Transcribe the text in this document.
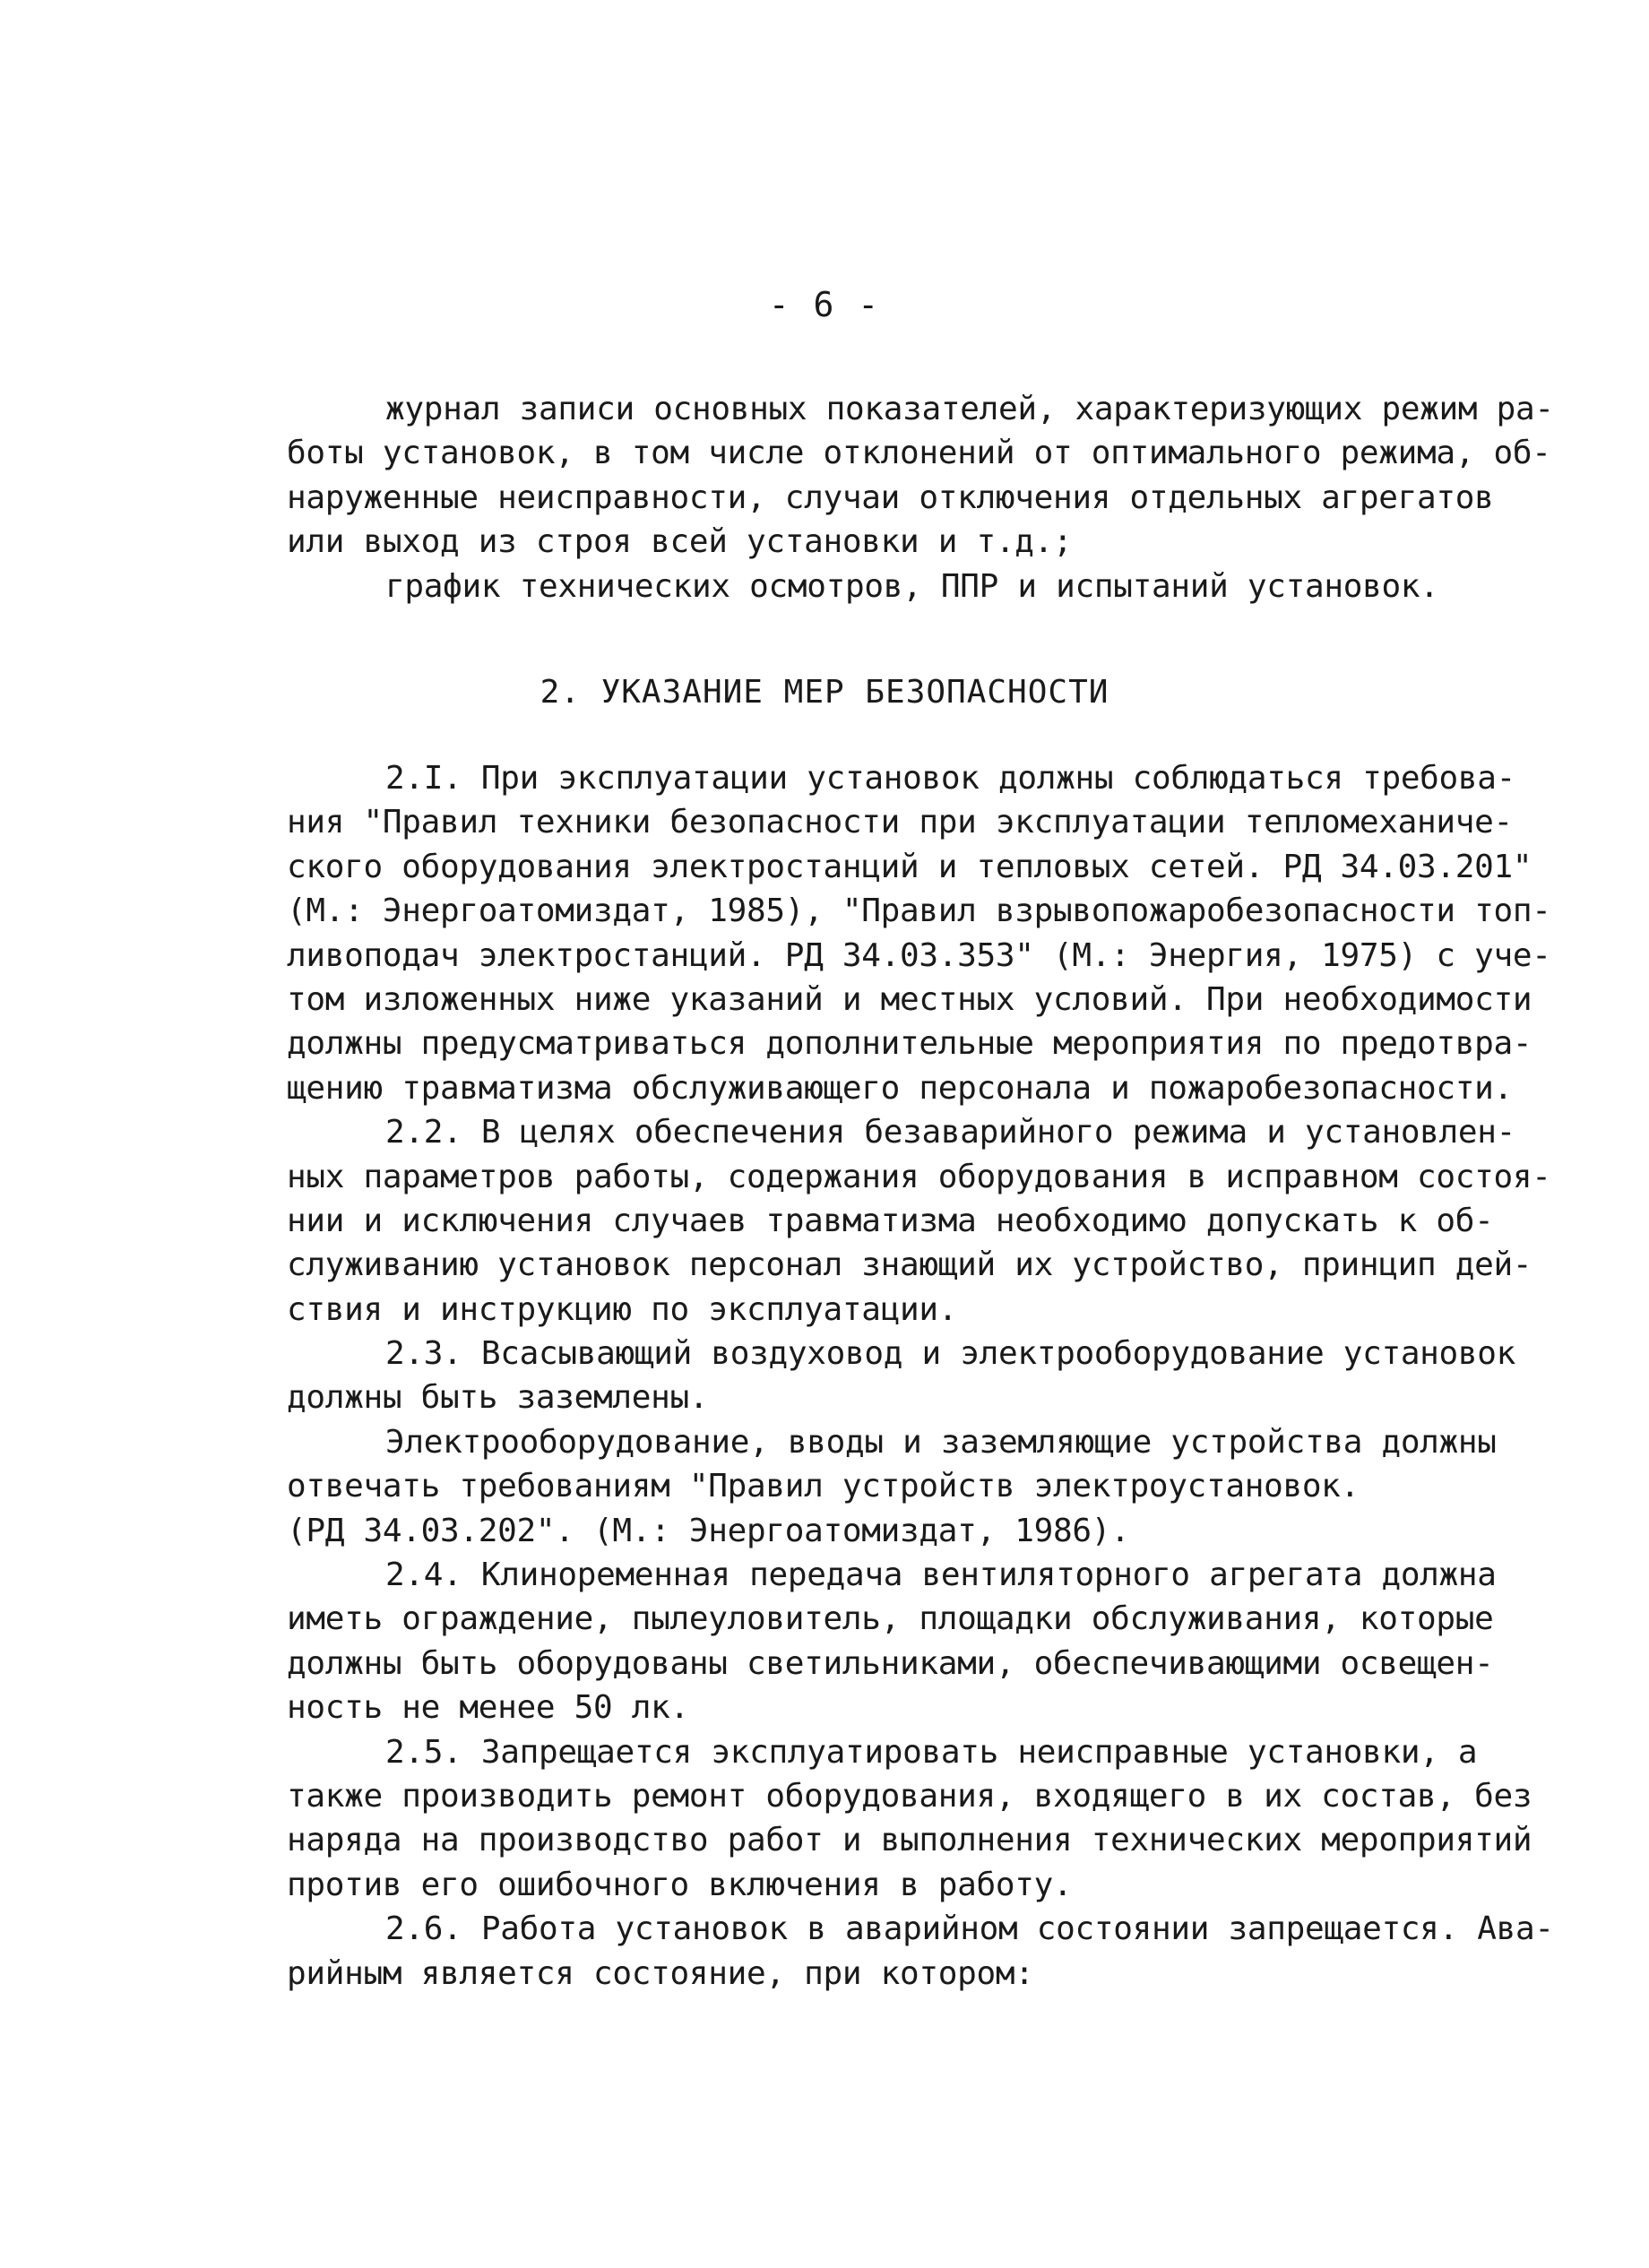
- 6 -
журнал записи основных показателей, характеризующих режим ра-
боты установок, в том числе отклонений от оптимального режима, об-
наруженные неисправности, случаи отключения отдельных агрегатов
или выход из строя всей установки и т.д.;
график технических осмотров, ППР и испытаний установок.
2. УКАЗАНИЕ МЕР БЕЗОПАСНОСТИ
2.I. При эксплуатации установок должны соблюдаться требова-
ния "Правил техники безопасности при эксплуатации тепломеханиче-
ского оборудования электростанций и тепловых сетей. РД 34.03.201"
(М.: Энергоатомиздат, 1985), "Правил взрывопожаробезопасности топ-
ливоподач электростанций. РД 34.03.353" (М.: Энергия, 1975) с уче-
том изложенных ниже указаний и местных условий. При необходимости
должны предусматриваться дополнительные мероприятия по предотвра-
щению травматизма обслуживающего персонала и пожаробезопасности.
2.2. В целях обеспечения безаварийного режима и установлен-
ных параметров работы, содержания оборудования в исправном состоя-
нии и исключения случаев травматизма необходимо допускать к об-
служиванию установок персонал знающий их устройство, принцип дей-
ствия и инструкцию по эксплуатации.
2.3. Всасывающий воздуховод и электрооборудование установок
должны быть заземлены.
Электрооборудование, вводы и заземляющие устройства должны
отвечать требованиям "Правил устройств электроустановок.
(РД 34.03.202". (М.: Энергоатомиздат, 1986).
2.4. Клиноременная передача вентиляторного агрегата должна
иметь ограждение, пылеуловитель, площадки обслуживания, которые
должны быть оборудованы светильниками, обеспечивающими освещен-
ность не менее 50 лк.
2.5. Запрещается эксплуатировать неисправные установки, а
также производить ремонт оборудования, входящего в их состав, без
наряда на производство работ и выполнения технических мероприятий
против его ошибочного включения в работу.
2.6. Работа установок в аварийном состоянии запрещается. Ава-
рийным является состояние, при котором:
